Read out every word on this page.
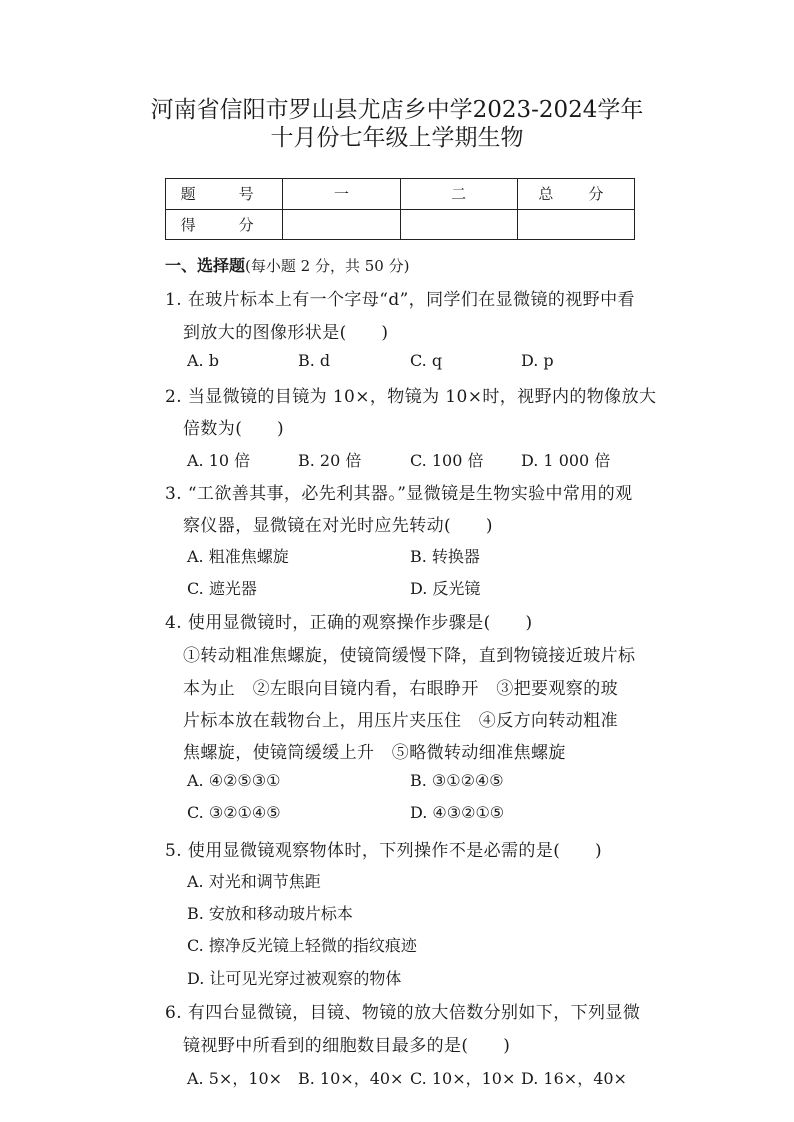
河南省信阳市罗山县尤店乡中学2023-2024学年
十月份七年级上学期生物
题　号	一	二	总　分
得　分			
一、选择题(每小题 2 分，共 50 分)
1. 在玻片标本上有一个字母“d”，同学们在显微镜的视野中看
到放大的图像形状是(　　)
A. b	B. d	C. q	D. p
2. 当显微镜的目镜为 10×，物镜为 10×时，视野内的物像放大
倍数为(　　)
A. 10 倍	B. 20 倍	C. 100 倍 D. 1 000 倍
3. “工欲善其事，必先利其器。”显微镜是生物实验中常用的观
察仪器，显微镜在对光时应先转动(　　)
A. 粗准焦螺旋	B. 转换器
C. 遮光器	D. 反光镜
4. 使用显微镜时，正确的观察操作步骤是(　　)
①转动粗准焦螺旋，使镜筒缓慢下降，直到物镜接近玻片标
本为止　②左眼向目镜内看，右眼睁开　③把要观察的玻
片标本放在载物台上，用压片夹压住　④反方向转动粗准
焦螺旋，使镜筒缓缓上升　⑤略微转动细准焦螺旋
A. ④②⑤③①	B. ③①②④⑤
C. ③②①④⑤	D. ④③②①⑤
5. 使用显微镜观察物体时，下列操作不是必需的是(　　)
A. 对光和调节焦距
B. 安放和移动玻片标本
C. 擦净反光镜上轻微的指纹痕迹
D. 让可见光穿过被观察的物体
6. 有四台显微镜，目镜、物镜的放大倍数分别如下，下列显微
镜视野中所看到的细胞数目最多的是(　　)
A. 5×，10× B. 10×，40× C. 10×，10× D. 16×，40×
